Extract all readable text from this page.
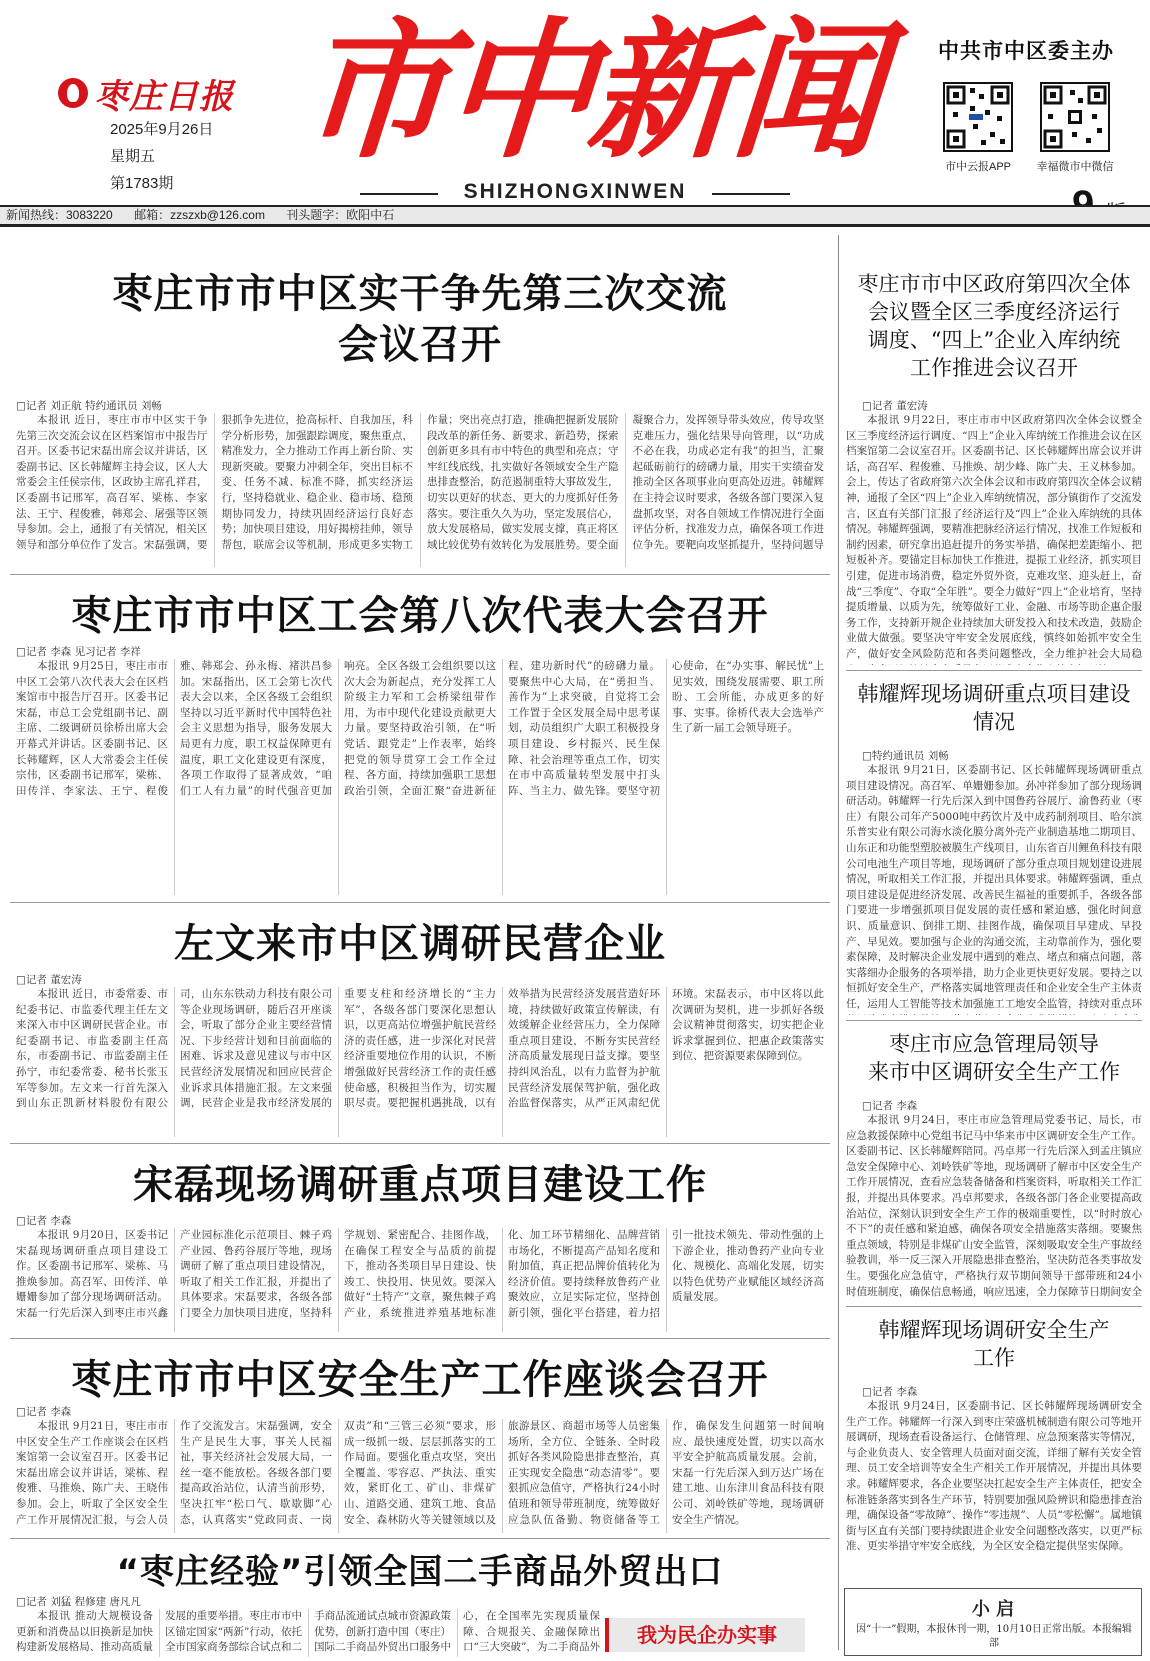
枣庄日报
2025年9月26日
星期五
第1783期
市中新闻
SHIZHONGXINWEN
中共市中区委主办
市中云报APP	幸福微市中微信
新闻热线：3083220 邮箱：zzszxb@126.com 刊头题字：欧阳中石
枣庄市市中区实干争先第三次交流
会议召开
□记者 刘正航 特约通讯员 刘畅

本报讯 近日，枣庄市市中区实干争先第三次交流会议在区档案馆市中报告厅召开。区委书记宋磊出席会议并讲话，区委副书记、区长韩耀辉主持会议，区人大常委会主任侯宗伟，区政协主席孔祥君，区委副书记邢军，高召军、梁栋、李家法、王宁、程俊雅，韩郑会、屠强等区领导参加。会上，通报了有关情况，相关区领导和部分单位作了发言。宋磊强调，要狠抓争先进位，抢高标杆、自我加压，科学分析形势，加强跟踪调度，聚焦重点，精准发力，全力推动工作再上新台阶、实现新突破。要聚力冲刺全年，突出目标不变、任务不减、标准不降，抓实经济运行，坚持稳就业、稳企业、稳市场、稳预期协同发力，持续巩固经济运行良好态势；加快项目建设，用好揭榜挂帅，领导帮包，联席会议等机制，形成更多实物工作量；突出亮点打造，推确把握新发展阶段改革的新任务、新要求、新趋势，探索创新更多具有市中特色的典型和亮点；守牢红线底线，扎实做好各领域安全生产隐患排查整治，防范遏制重特大事故发生，切实以更好的状态、更大的力度抓好任务落实。要注重久久为功，坚定发展信心，放大发展格局，做实发展支撑，真正将区域比较优势有效转化为发展胜势。要全面凝聚合力，发挥领导带头效应，传导攻坚克难压力，强化结果导向管理，以“功成不必在我，功成必定有我”的担当，汇聚起砥砺前行的磅礴力量，用实干实绩奋发推动全区各项事业向更高处迈进。韩耀辉在主持会议时要求，各级各部门要深入复盘抓攻坚，对各自领域工作情况进行全面评估分析，找准发力点，确保各项工作进位争先。要靶向攻坚抓提升，坚持问题导

枣庄市市中区工会第八次代表大会召开
□记者 李森 见习记者 李祥

本报讯 9月25日，枣庄市市中区工会第八次代表大会在区档案馆市中报告厅召开。区委书记宋磊，市总工会党组副书记、副主席、二级调研员徐桥出席大会开幕式并讲话。区委副书记、区长韩耀辉，区人大常委会主任侯宗伟，区委副书记邢军，梁栋、田传洋、李家法、王宁、程俊雅、韩郑会、孙永梅、褚洪昌参加。宋磊指出，区工会第七次代表大会以来，全区各级工会组织坚持以习近平新时代中国特色社会主义思想为指导，服务发展大局更有力度，职工权益保障更有温度，职工文化建设更有深度，各项工作取得了显著成效，“咱们工人有力量”的时代强音更加响亮。全区各级工会组织要以这次大会为新起点，充分发挥工人阶级主力军和工会桥梁纽带作用，为市中现代化建设贡献更大力量。要坚持政治引领，在“听党话、跟党走”上作表率，始终把党的领导贯穿工会工作全过程、各方面，持续加强职工思想政治引领，全面汇聚“奋进新征程、建功新时代”的磅礴力量。要聚焦中心大局，在“勇担当、善作为”上求突破，自觉将工会工作置于全区发展全局中思考谋划，动员组织广大职工积极投身项目建设、乡村振兴、民生保障、社会治理等重点工作，切实在市中高质量转型发展中打头阵、当主力、做先锋。要坚守初心使命，在“办实事、解民忧”上见实效，围绕发展需要、职工所盼、工会所能，办成更多的好事、实事。徐桥代表大会选举产生了新一届工会领导班子。

左文来市中区调研民营企业
□记者 董宏涛

本报讯 近日，市委常委、市纪委书记、市监委代理主任左文来深入市中区调研民营企业。市纪委副书记、市监委副主任高东，市委副书记、市监委副主任孙宁，市纪委常委、秘书长张玉军等参加。左文来一行首先深入到山东正凯新材料股份有限公司，山东东铁动力科技有限公司等企业现场调研，随后召开座谈会，听取了部分企业主要经营情况、下步经营计划和目前面临的困难、诉求及意见建议与市中区民营经济发展情况和回应民营企业诉求具体措施汇报。左文来强调，民营企业是我市经济发展的重要支柱和经济增长的“主力军”，各级各部门要深化思想认识，以更高站位增强护航民营经济的责任感，进一步深化对民营经济重要地位作用的认识，不断增强做好民营经济工作的责任感使命感，积极担当作为，切实履职尽责。要把握机遇挑战，以有效举措为民营经济发展营造好环境，持续做好政策宣传解读，有效缓解企业经营压力，全力保障重点项目建设，不断夯实民营经济高质量发展现日益支撑。要坚持纠风治乱，以有力监督为护航民营经济发展保驾护航，强化政治监督保落实，从严正风肃纪优环境。宋磊表示，市中区将以此次调研为契机，进一步抓好各级会议精神贯彻落实，切实把企业诉求掌握到位、把惠企政策落实到位、把资源要素保障到位。

宋磊现场调研重点项目建设工作
□记者 李森

本报讯 9月20日，区委书记宋磊现场调研重点项目建设工作。区委副书记邢军、梁栋、马推焕参加。高召军、田传洋、单姗姗参加了部分现场调研活动。宋磊一行先后深入到枣庄市兴鑫产业园标准化示范项目、棘子鸡产业园、鲁药谷展厅等地，现场调研了解了重点项目建设情况，听取了相关工作汇报，并提出了具体要求。宋磊要求，各级各部门要全力加快项目进度，坚持科学规划、紧密配合、挂图作战，在确保工程安全与品质的前提下，推动各类项目早日建设、快竣工、快投用、快见效。要深入做好“土特产”文章，聚焦棘子鸡产业，系统推进养殖基地标准化、加工环节精细化、品牌营销市场化，不断提高产品知名度和附加值，真正把品牌价值转化为经济价值。要持续释放鲁药产业聚效应，立足实际定位，坚持创新引领，强化平台搭建，着力招引一批技术领先、带动性强的上下游企业，推动鲁药产业向专业化、规模化、高端化发展，切实以特色优势产业赋能区域经济高质量发展。

枣庄市市中区安全生产工作座谈会召开
□记者 李森

本报讯 9月21日，枣庄市市中区安全生产工作座谈会在区档案馆第一会议室召开。区委书记宋磊出席会议并讲话，梁栋、程俊雅、马推焕、陈广夫、王晓伟参加。会上，听取了全区安全生产工作开展情况汇报，与会人员作了交流发言。宋磊强调，安全生产是民生大事，事关人民福祉，事关经济社会发展大局，一丝一毫不能放松。各级各部门要提高政治站位，认清当前形势，坚决扛牢“松口气、歇歇脚”心态，认真落实“党政同责、一岗双责”和“三管三必须”要求，形成一级抓一级、层层抓落实的工作局面。要强化重点攻坚，突出全覆盖、零容忍、严执法、重实效，紧盯化工、矿山、非煤矿山、道路交通、建筑工地、食品安全、森林防火等关键领域以及旅游景区、商超市场等人员密集场所，全方位、全链条、全时段抓好各类风险隐患排查整治，真正实现安全隐患“动态清零”。要狠抓应急值守，严格执行24小时值班和领导带班制度，统筹做好应急队伍备勤、物资储备等工作，确保发生问题第一时间响应、最快速度处置，切实以高水平安全护航高质量发展。会前，宋磊一行先后深入到万达广场在建工地、山东津川食品科技有限公司、刘岭铁矿等地，现场调研安全生产情况。

“枣庄经验”引领全国二手商品外贸出口
□记者 刘猛 程修建 唐凡凡

本报讯 推动大规模设备更新和消费品以旧换新是加快构建新发展格局、推动高质量发展的重要举措。枣庄市市中区锚定国家“两新”行动，依托全市国家商务部综合试点和二手商品流通试点城市资源政策优势，创新打造中国（枣庄）国际二手商品外贸出口服务中心，在全国率先实现质量保障、合规报关、金融保障出口“三大突破”，为二手商品外

我为民企办实事
枣庄市市中区政府第四次全体
会议暨全区三季度经济运行
调度、“四上”企业入库纳统
工作推进会议召开
□记者 董宏涛

本报讯 9月22日，枣庄市市中区政府第四次全体会议暨全区三季度经济运行调度、“四上”企业入库纳统工作推进会议在区档案馆第二会议室召开。区委副书记、区长韩耀辉出席会议并讲话，高召军、程俊雅、马推焕、胡少峰、陈广夫、王义林参加。会上，传达了省政府第六次全体会议和市政府第四次全体会议精神，通报了全区“四上”企业入库纳统情况，部分镇街作了交流发言，区直有关部门汇报了经济运行及“四上”企业入库纳统的具体情况。韩耀辉强调，要精准把脉经济运行情况，找准工作短板和制约因素，研究拿出追赶提升的务实举措，确保把差距缩小、把短板补齐。要锚定目标加快工作推进，提振工业经济，抓实项目引建，促进市场消费，稳定外贸外资，克难攻坚、迎头赶上，奋战“三季度”、夺取“全年胜”。要全力做好“四上”企业培育，坚持提质增量、以质为先，统筹做好工业、金融、市场等助企惠企服务工作，支持新开规企业持续加大研发投入和技术改造，鼓励企业做大做强。要坚决守牢安全发展底线，慎终如始抓牢安全生产，做好安全风险防范和各类问题整改，全力维护社会大局稳

韩耀辉现场调研重点项目建设
情况
□特约通讯员 刘畅

本报讯 9月21日，区委副书记、区长韩耀辉现场调研重点项目建设情况。高召军、单姗姗参加。孙冲祥参加了部分现场调研活动。韩耀辉一行先后深入到中国鲁药谷展厅、渝鲁药业（枣庄）有限公司年产5000吨中药饮片及中成药制剂项目、哈尔滨乐普实业有限公司海水淡化膜分离外壳产业制造基地二期项目、山东正和功能型塑胶被膜生产线项目，山东省百川鲤鱼科技有限公司电池生产项目等地，现场调研了部分重点项目规划建设进展情况，听取相关工作汇报，并提出具体要求。韩耀辉强调，重点项目建设是促进经济发展、改善民生福祉的重要抓手，各级各部门要进一步增强抓项目促发展的责任感和紧迫感，强化时间意识、质量意识、倒排工期、挂图作战，确保项目早建成、早投产、早见效。要加强与企业的沟通交流，主动靠前作为，强化要素保障，及时解决企业发展中遇到的难点、堵点和痛点问题，落实落细办企服务的各项举措，助力企业更快更好发展。要持之以恒抓好安全生产，严格落实属地管理责任和企业安全生产主体责任，运用人工智能等技术加强施工工地安全监管，持续对重点环

枣庄市应急管理局领导
来市中区调研安全生产工作
□记者 李森

本报讯 9月24日，枣庄市应急管理局党委书记、局长，市应急救援保障中心党组书记马中华来市中区调研安全生产工作。区委副书记、区长韩耀辉陪同。冯卓邦一行先后深入到孟庄镇应急安全保障中心、刘岭铁矿等地，现场调研了解市中区安全生产工作开展情况，查看应急装备储备和档案资料，听取相关工作汇报，并提出具体要求。冯卓邦要求，各级各部门各企业要提高政治站位，深刻认识到安全生产工作的极端重要性，以“时时放心不下”的责任感和紧迫感，确保各项安全措施落实落细。要聚焦重点领域，特别是非煤矿山安全监管，深刻吸取安全生产事故经验教训，举一反三深入开展隐患排查整治，坚决防范各类事故发生。要强化应急值守，严格执行双节期间领导干部带班和24小时值班制度，确保信息畅通，响应迅速，全力保障节日期间安全

韩耀辉现场调研安全生产
工作
□记者 李森

本报讯 9月24日，区委副书记、区长韩耀辉现场调研安全生产工作。韩耀辉一行深入到枣庄荣盛机械制造有限公司等地开展调研，现场查看设备运行、仓储管理、应急预案落实等情况，与企业负责人、安全管理人员面对面交流，详细了解有关安全管理、员工安全培训等安全生产相关工作开展情况，并提出具体要求。韩耀辉要求，各企业要坚决扛起安全生产主体责任，把安全标准链条落实到各生产环节，特别要加强风险辨识和隐患排查治理，确保设备“零故障”、操作“零违规”、人员“零松懈”。属地镇街与区直有关部门要持续跟进企业安全问题整改落实，以更严标准、更实举措守牢安全底线，为全区安全稳定提供坚实保障。

小 启
因“十一”假期，本报休刊一期，10月10日正常出版。本报编辑部
